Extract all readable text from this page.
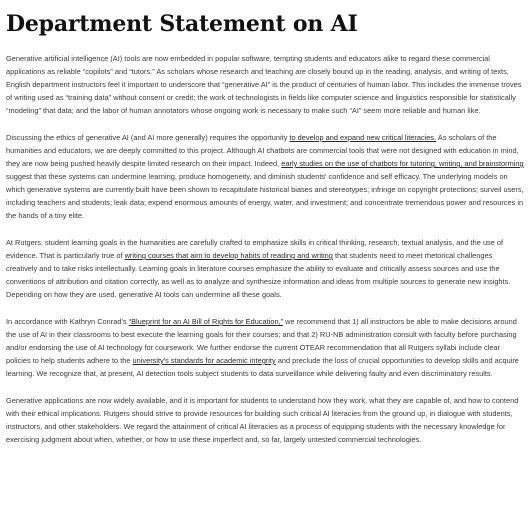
Department Statement on AI

Generative artificial intelligence (AI) tools are now embedded in popular software, tempting students and educators alike to regard these commercial applications as reliable “copilots” and “tutors.” As scholars whose research and teaching are closely bound up in the reading, analysis, and writing of texts, English department instructors feel it important to underscore that “generative AI” is the product of centuries of human labor. This includes the immense troves of writing used as “training data” without consent or credit; the work of technologists in fields like computer science and linguistics responsible for statistically “modeling” that data; and the labor of human annotators whose ongoing work is necessary to make such “AI” seem more reliable and human like.

Discussing the ethics of generative AI (and AI more generally) requires the opportunity to develop and expand new critical literacies. As scholars of the humanities and educators, we are deeply committed to this project. Although AI chatbots are commercial tools that were not designed with education in mind, they are now being pushed heavily despite limited research on their impact. Indeed, early studies on the use of chatbots for tutoring, writing, and brainstorming suggest that these systems can undermine learning, produce homogeneity, and diminish students' confidence and self efficacy. The underlying models on which generative systems are currently built have been shown to recapitulate historical biases and stereotypes; infringe on copyright protections; surveil users, including teachers and students; leak data; expend enormous amounts of energy, water, and investment; and concentrate tremendous power and resources in the hands of a tiny elite.

At Rutgers, student learning goals in the humanities are carefully crafted to emphasize skills in critical thinking, research, textual analysis, and the use of evidence. That is particularly true of writing courses that aim to develop habits of reading and writing that students need to meet rhetorical challenges creatively and to take risks intellectually. Learning goals in literature courses emphasize the ability to evaluate and critically assess sources and use the conventions of attribution and citation correctly, as well as to analyze and synthesize information and ideas from multiple sources to generate new insights. Depending on how they are used, generative AI tools can undermine all these goals.

In accordance with Kathryn Conrad's “Blueprint for an AI Bill of Rights for Education,” we recommend that 1) all instructors be able to make decisions around the use of AI in their classrooms to best execute the learning goals for their courses; and that 2) RU-NB administration consult with faculty before purchasing and/or endorsing the use of AI technology for coursework. We further endorse the current OTEAR recommendation that all Rutgers syllabi include clear policies to help students adhere to the university's standards for academic integrity and preclude the loss of crucial opportunities to develop skills and acquire learning. We recognize that, at present, AI detection tools subject students to data surveillance while delivering faulty and even discriminatory results.

Generative applications are now widely available, and it is important for students to understand how they work, what they are capable of, and how to contend with their ethical implications. Rutgers should strive to provide resources for building such critical AI literacies from the ground up, in dialogue with students, instructors, and other stakeholders. We regard the attainment of critical AI literacies as a process of equipping students with the necessary knowledge for exercising judgment about when, whether, or how to use these imperfect and, so far, largely untested commercial technologies.
